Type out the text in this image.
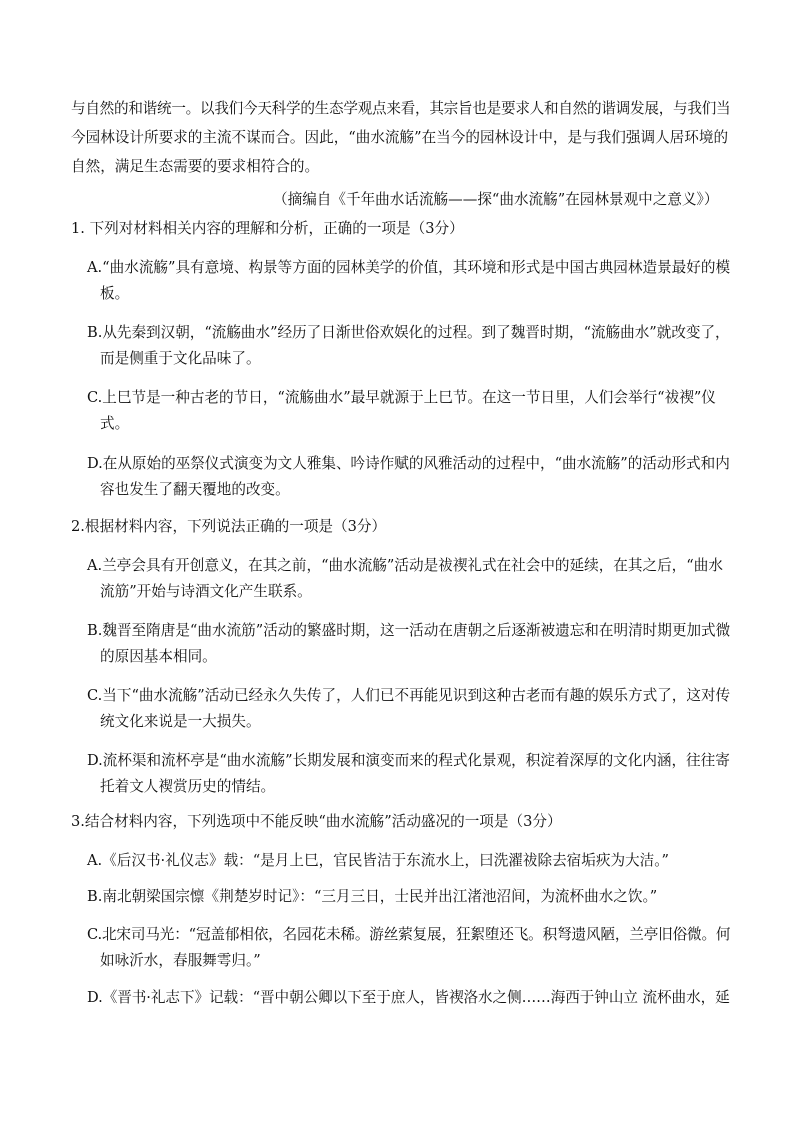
与自然的和谐统一。以我们今天科学的生态学观点来看，其宗旨也是要求人和自然的谐调发展，与我们当
今园林设计所要求的主流不谋而合。因此，“曲水流觞”在当今的园林设计中，是与我们强调人居环境的
自然，满足生态需要的要求相符合的。
（摘编自《千年曲水话流觞——探“曲水流觞”在园林景观中之意义》）
1. 下列对材料相关内容的理解和分析，正确的一项是（3分）
A.“曲水流觞”具有意境、构景等方面的园林美学的价值，其环境和形式是中国古典园林造景最好的模
板。
B.从先秦到汉朝，“流觞曲水”经历了日渐世俗欢娱化的过程。到了魏晋时期，“流觞曲水”就改变了，
而是侧重于文化品味了。
C.上巳节是一种古老的节日，“流觞曲水”最早就源于上巳节。在这一节日里，人们会举行“祓禊”仪
式。
D.在从原始的巫祭仪式演变为文人雅集、吟诗作赋的风雅活动的过程中，“曲水流觞”的活动形式和内
容也发生了翻天覆地的改变。
2.根据材料内容，下列说法正确的一项是（3分）
A.兰亭会具有开创意义，在其之前，“曲水流觞”活动是祓禊礼式在社会中的延续，在其之后，“曲水
流筋”开始与诗酒文化产生联系。
B.魏晋至隋唐是“曲水流筋”活动的繁盛时期，这一活动在唐朝之后逐渐被遗忘和在明清时期更加式微
的原因基本相同。
C.当下“曲水流觞”活动已经永久失传了，人们已不再能见识到这种古老而有趣的娱乐方式了，这对传
统文化来说是一大损失。
D.流杯渠和流杯亭是“曲水流觞”长期发展和演变而来的程式化景观，积淀着深厚的文化内涵，往往寄
托着文人褉赏历史的情结。
3.结合材料内容，下列选项中不能反映“曲水流觞”活动盛况的一项是（3分）
A.《后汉书·礼仪志》载：“是月上巳，官民皆洁于东流水上，曰洗濯祓除去宿垢疢为大洁。”
B.南北朝梁国宗懔《荆楚岁时记》：“三月三日，士民并出江渚池沼间，为流杯曲水之饮。”
C.北宋司马光：“冠盖郁相依，名园花未稀。游丝萦复展，狂絮堕还飞。积弩遗风陋，兰亭旧俗微。何
如咏沂水，春服舞雩归。”
D.《晋书·礼志下》记载：“晋中朝公卿以下至于庶人，皆禊洛水之侧……海西于钟山立 流杯曲水，延
